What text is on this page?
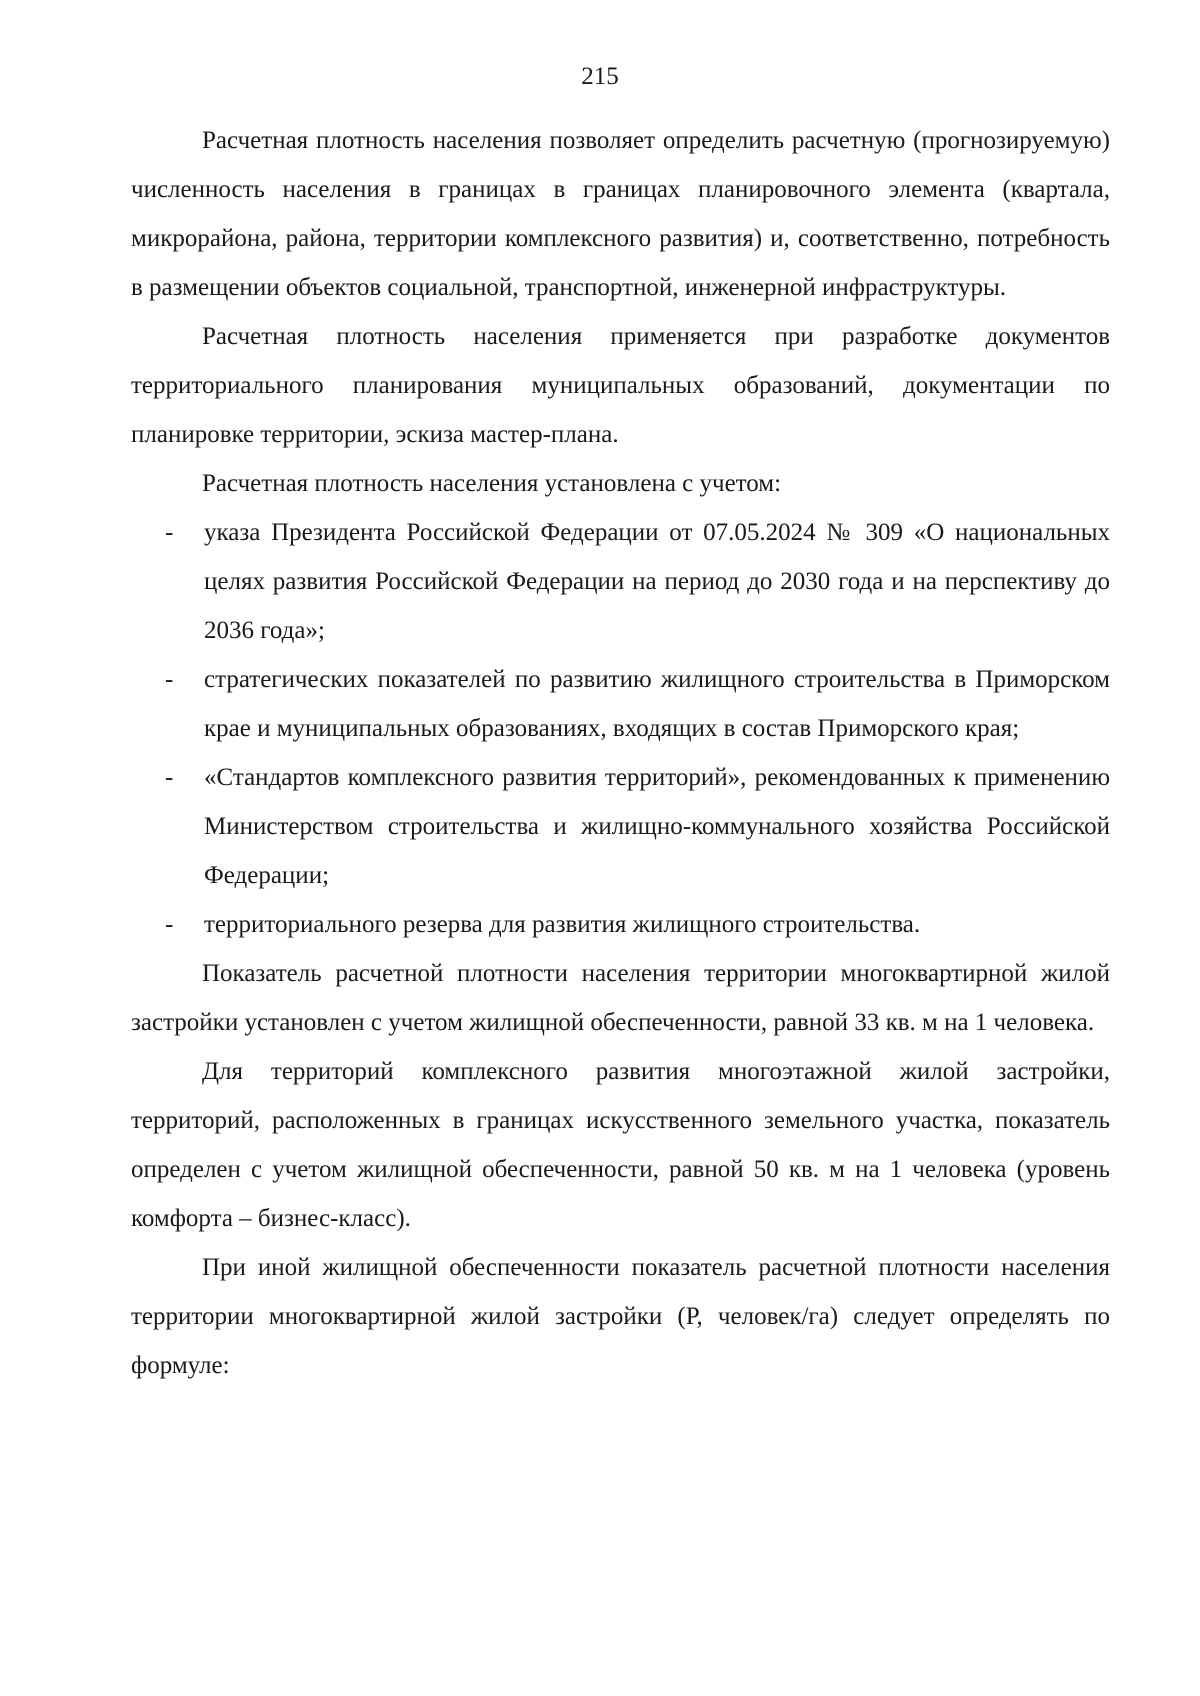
215

Расчетная плотность населения позволяет определить расчетную (прогнозируемую) численность населения в границах в границах планировочного элемента (квартала, микрорайона, района, территории комплексного развития) и, соответственно, потребность в размещении объектов социальной, транспортной, инженерной инфраструктуры.

Расчетная плотность населения применяется при разработке документов территориального планирования муниципальных образований, документации по планировке территории, эскиза мастер-плана.

Расчетная плотность населения установлена с учетом:

- указа Президента Российской Федерации от 07.05.2024 № 309 «О национальных целях развития Российской Федерации на период до 2030 года и на перспективу до 2036 года»;
- стратегических показателей по развитию жилищного строительства в Приморском крае и муниципальных образованиях, входящих в состав Приморского края;
- «Стандартов комплексного развития территорий», рекомендованных к применению Министерством строительства и жилищно-коммунального хозяйства Российской Федерации;
- территориального резерва для развития жилищного строительства.

Показатель расчетной плотности населения территории многоквартирной жилой застройки установлен с учетом жилищной обеспеченности, равной 33 кв. м на 1 человека.

Для территорий комплексного развития многоэтажной жилой застройки, территорий, расположенных в границах искусственного земельного участка, показатель определен с учетом жилищной обеспеченности, равной 50 кв. м на 1 человека (уровень комфорта – бизнес-класс).

При иной жилищной обеспеченности показатель расчетной плотности населения территории многоквартирной жилой застройки (Р, человек/га) следует определять по формуле:
